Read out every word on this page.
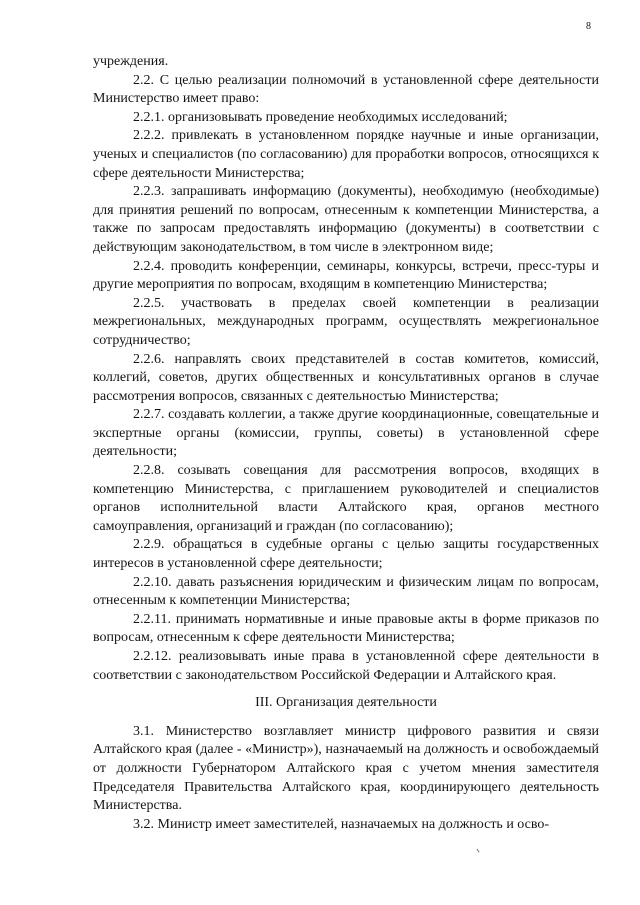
8

учреждения.

2.2. С целью реализации полномочий в установленной сфере деятельности Министерство имеет право:

2.2.1. организовывать проведение необходимых исследований;

2.2.2. привлекать в установленном порядке научные и иные организации, ученых и специалистов (по согласованию) для проработки вопросов, относящихся к сфере деятельности Министерства;

2.2.3. запрашивать информацию (документы), необходимую (необходимые) для принятия решений по вопросам, отнесенным к компетенции Министерства, а также по запросам предоставлять информацию (документы) в соответствии с действующим законодательством, в том числе в электронном виде;

2.2.4. проводить конференции, семинары, конкурсы, встречи, пресс-туры и другие мероприятия по вопросам, входящим в компетенцию Министерства;

2.2.5. участвовать в пределах своей компетенции в реализации межрегиональных, международных программ, осуществлять межрегиональное сотрудничество;

2.2.6. направлять своих представителей в состав комитетов, комиссий, коллегий, советов, других общественных и консультативных органов в случае рассмотрения вопросов, связанных с деятельностью Министерства;

2.2.7. создавать коллегии, а также другие координационные, совещательные и экспертные органы (комиссии, группы, советы) в установленной сфере деятельности;

2.2.8. созывать совещания для рассмотрения вопросов, входящих в компетенцию Министерства, с приглашением руководителей и специалистов органов исполнительной власти Алтайского края, органов местного самоуправления, организаций и граждан (по согласованию);

2.2.9. обращаться в судебные органы с целью защиты государственных интересов в установленной сфере деятельности;

2.2.10. давать разъяснения юридическим и физическим лицам по вопросам, отнесенным к компетенции Министерства;

2.2.11. принимать нормативные и иные правовые акты в форме приказов по вопросам, отнесенным к сфере деятельности Министерства;

2.2.12. реализовывать иные права в установленной сфере деятельности в соответствии с законодательством Российской Федерации и Алтайского края.

III. Организация деятельности

3.1. Министерство возглавляет министр цифрового развития и связи Алтайского края (далее - «Министр»), назначаемый на должность и освобождаемый от должности Губернатором Алтайского края с учетом мнения заместителя Председателя Правительства Алтайского края, координирующего деятельность Министерства.

3.2. Министр имеет заместителей, назначаемых на должность и осво-
